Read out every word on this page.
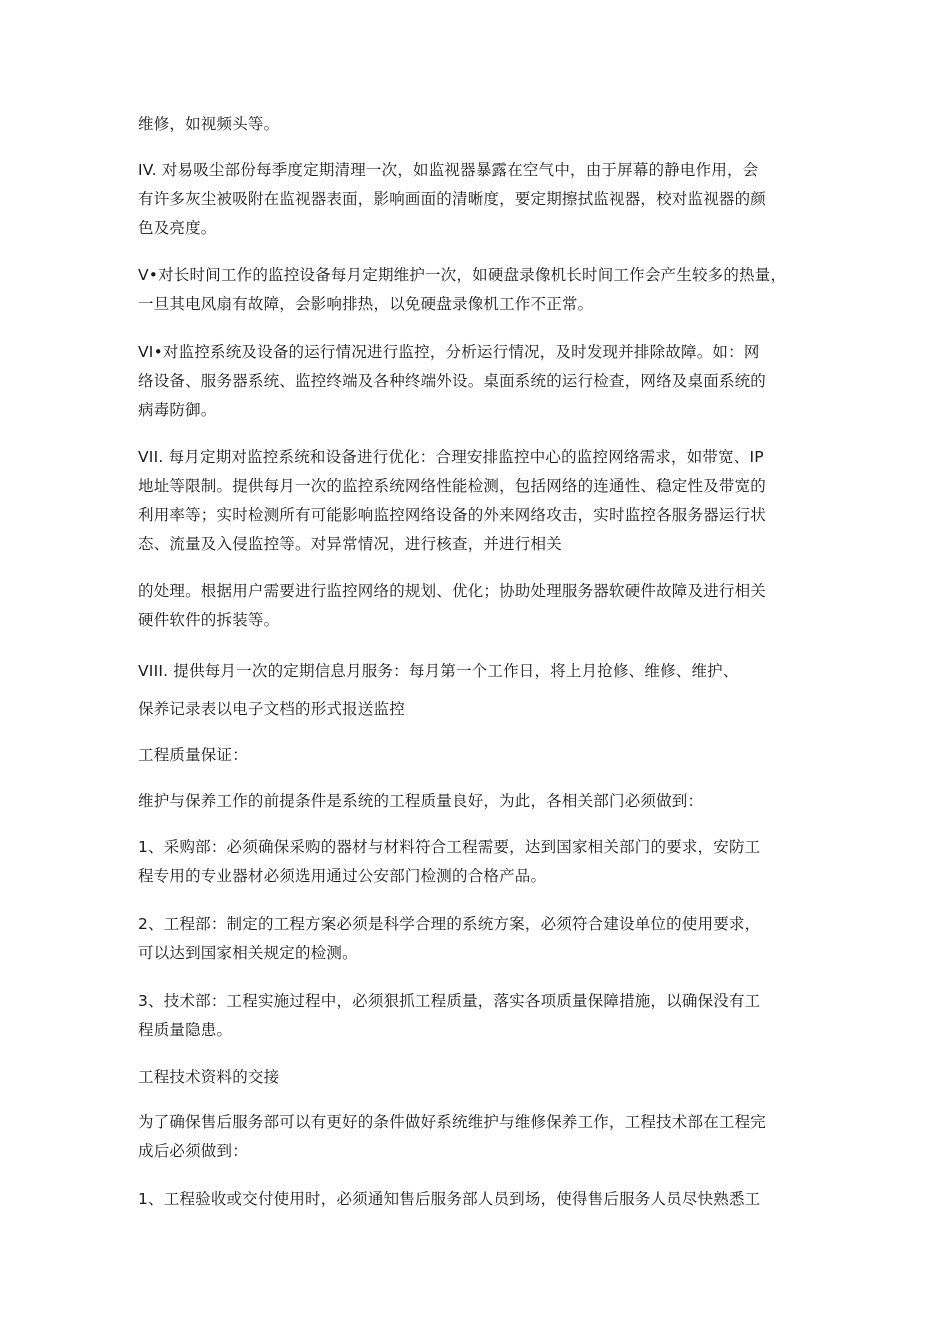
维修，如视频头等。
IV. 对易吸尘部份每季度定期清理一次，如监视器暴露在空气中，由于屏幕的静电作用，会
有许多灰尘被吸附在监视器表面，影响画面的清晰度，要定期擦拭监视器，校对监视器的颜
色及亮度。
V•对长时间工作的监控设备每月定期维护一次，如硬盘录像机长时间工作会产生较多的热量，
一旦其电风扇有故障，会影响排热，以免硬盘录像机工作不正常。
VI•对监控系统及设备的运行情况进行监控，分析运行情况，及时发现并排除故障。如：网
络设备、服务器系统、监控终端及各种终端外设。桌面系统的运行检查，网络及桌面系统的
病毒防御。
VII. 每月定期对监控系统和设备进行优化：合理安排监控中心的监控网络需求，如带宽、IP
地址等限制。提供每月一次的监控系统网络性能检测，包括网络的连通性、稳定性及带宽的
利用率等；实时检测所有可能影响监控网络设备的外来网络攻击，实时监控各服务器运行状
态、流量及入侵监控等。对异常情况，进行核查，并进行相关
的处理。根据用户需要进行监控网络的规划、优化；协助处理服务器软硬件故障及进行相关
硬件软件的拆装等。
VIII. 提供每月一次的定期信息月服务：每月第一个工作日，将上月抢修、维修、维护、
保养记录表以电子文档的形式报送监控
工程质量保证：
维护与保养工作的前提条件是系统的工程质量良好，为此，各相关部门必须做到：
1、采购部：必须确保采购的器材与材料符合工程需要，达到国家相关部门的要求，安防工
程专用的专业器材必须选用通过公安部门检测的合格产品。
2、工程部：制定的工程方案必须是科学合理的系统方案，必须符合建设单位的使用要求，
可以达到国家相关规定的检测。
3、技术部：工程实施过程中，必须狠抓工程质量，落实各项质量保障措施，以确保没有工
程质量隐患。
工程技术资料的交接
为了确保售后服务部可以有更好的条件做好系统维护与维修保养工作，工程技术部在工程完
成后必须做到：
1、工程验收或交付使用时，必须通知售后服务部人员到场，使得售后服务人员尽快熟悉工
